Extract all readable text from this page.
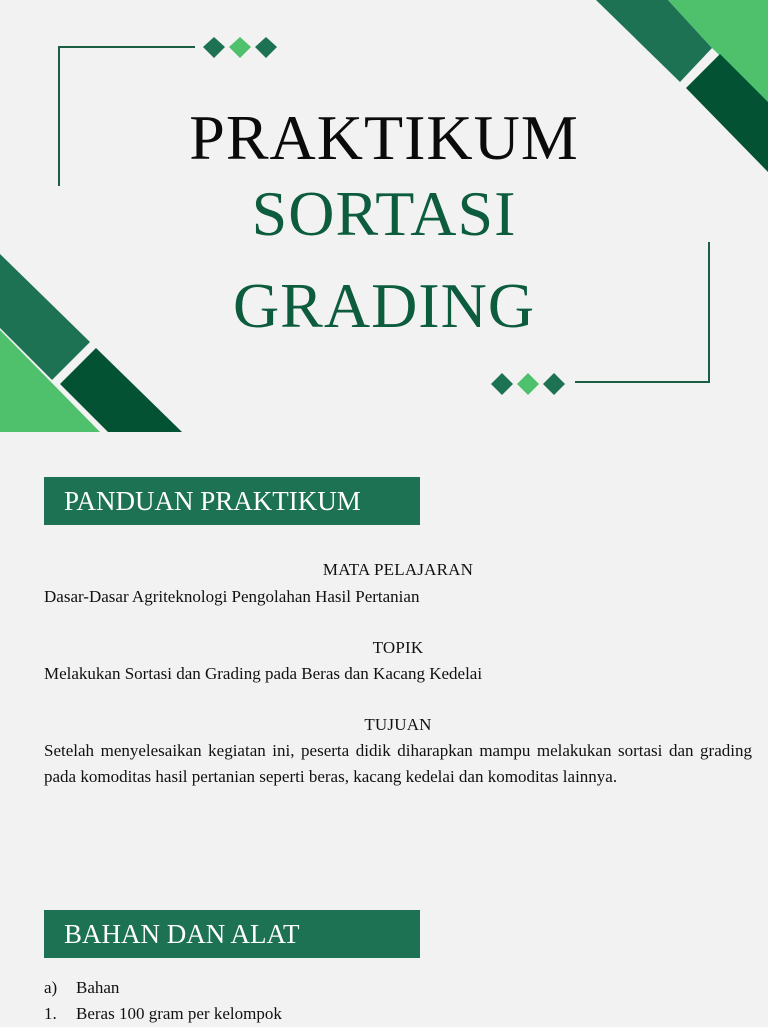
PRAKTIKUM
SORTASI
GRADING
PANDUAN PRAKTIKUM
MATA PELAJARAN
Dasar-Dasar Agriteknologi Pengolahan Hasil Pertanian
TOPIK
Melakukan Sortasi dan Grading pada Beras dan Kacang Kedelai
TUJUAN
Setelah menyelesaikan kegiatan ini, peserta didik diharapkan mampu melakukan sortasi dan grading pada komoditas hasil pertanian seperti beras, kacang kedelai dan komoditas lainnya.
BAHAN DAN ALAT
a) Bahan
1. Beras 100 gram per kelompok
